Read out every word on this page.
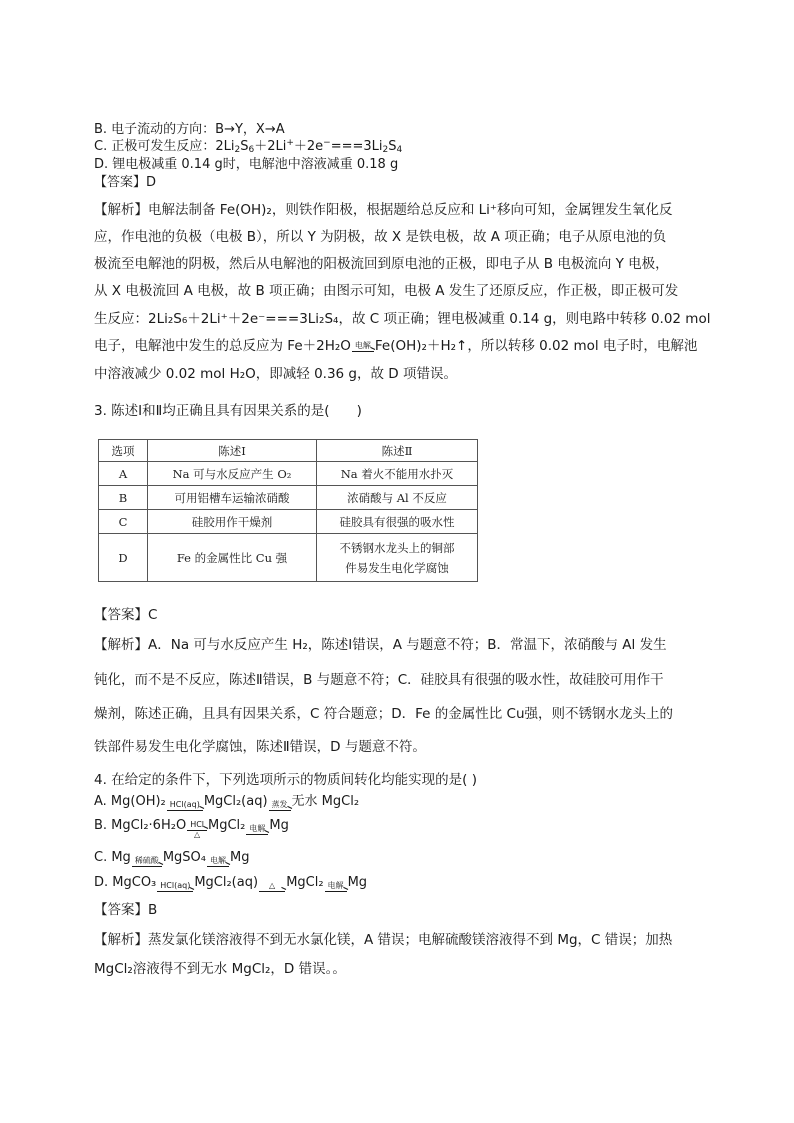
B. 电子流动的方向：B→Y，X→A
C. 正极可发生反应：$2Li_2S_6+2Li^++2e^-===3Li_2S_4$
D. 锂电极减重 0.14 g时，电解池中溶液减重 0.18 g
【答案】D
【解析】电解法制备 Fe(OH)₂，则铁作阳极，根据题给总反应和 Li⁺移向可知，金属锂发生氧化反
应，作电池的负极（电极 B），所以 Y 为阴极，故 X 是铁电极，故 A 项正确；电子从原电池的负
极流至电解池的阴极，然后从电解池的阳极流回到原电池的正极，即电子从 B 电极流向 Y 电极，
从 X 电极流回 A 电极，故 B 项正确；由图示可知，电极 A 发生了还原反应，作正极，即正极可发
生反应：2Li₂S₆＋2Li⁺＋2e⁻===3Li₂S₄，故 C 项正确；锂电极减重 0.14 g，则电路中转移 0.02 mol
电子，电解池中发生的总反应为 Fe＋2H₂O 电解 Fe(OH)₂＋H₂↑，所以转移 0.02 mol 电子时，电解池
中溶液减少 0.02 mol H₂O，即减轻 0.36 g，故 D 项错误。
3. 陈述Ⅰ和Ⅱ均正确且具有因果关系的是(　　)
选项	陈述Ⅰ	陈述Ⅱ
A	Na 可与水反应产生 O₂	Na 着火不能用水扑灭
B	可用铝槽车运输浓硝酸	浓硝酸与 Al 不反应
C	硅胶用作干燥剂	硅胶具有很强的吸水性
D	Fe 的金属性比 Cu 强	不锈钢水龙头上的铜部件易发生电化学腐蚀
【答案】C
【解析】A．Na 可与水反应产生 H₂，陈述Ⅰ错误，A 与题意不符；B．常温下，浓硝酸与 Al 发生
钝化，而不是不反应，陈述Ⅱ错误，B 与题意不符；C．硅胶具有很强的吸水性，故硅胶可用作干
燥剂，陈述正确，且具有因果关系，C 符合题意；D．Fe 的金属性比 Cu强，则不锈钢水龙头上的
铁部件易发生电化学腐蚀，陈述Ⅱ错误，D 与题意不符。
4. 在给定的条件下，下列选项所示的物质间转化均能实现的是( )
A. Mg(OH)₂ HCl(aq) MgCl₂(aq) 蒸发 无水 MgCl₂
B. MgCl₂·6H₂O HCl
△
MgCl₂ 电解 Mg
C. Mg 稀硫酸 MgSO₄ 电解 Mg
D. MgCO₃ HCl(aq) MgCl₂(aq)	△ MgCl₂ 电解 Mg
【答案】B
【解析】蒸发氯化镁溶液得不到无水氯化镁，A 错误；电解硫酸镁溶液得不到 Mg，C 错误；加热
MgCl₂溶液得不到无水 MgCl₂，D 错误。。
